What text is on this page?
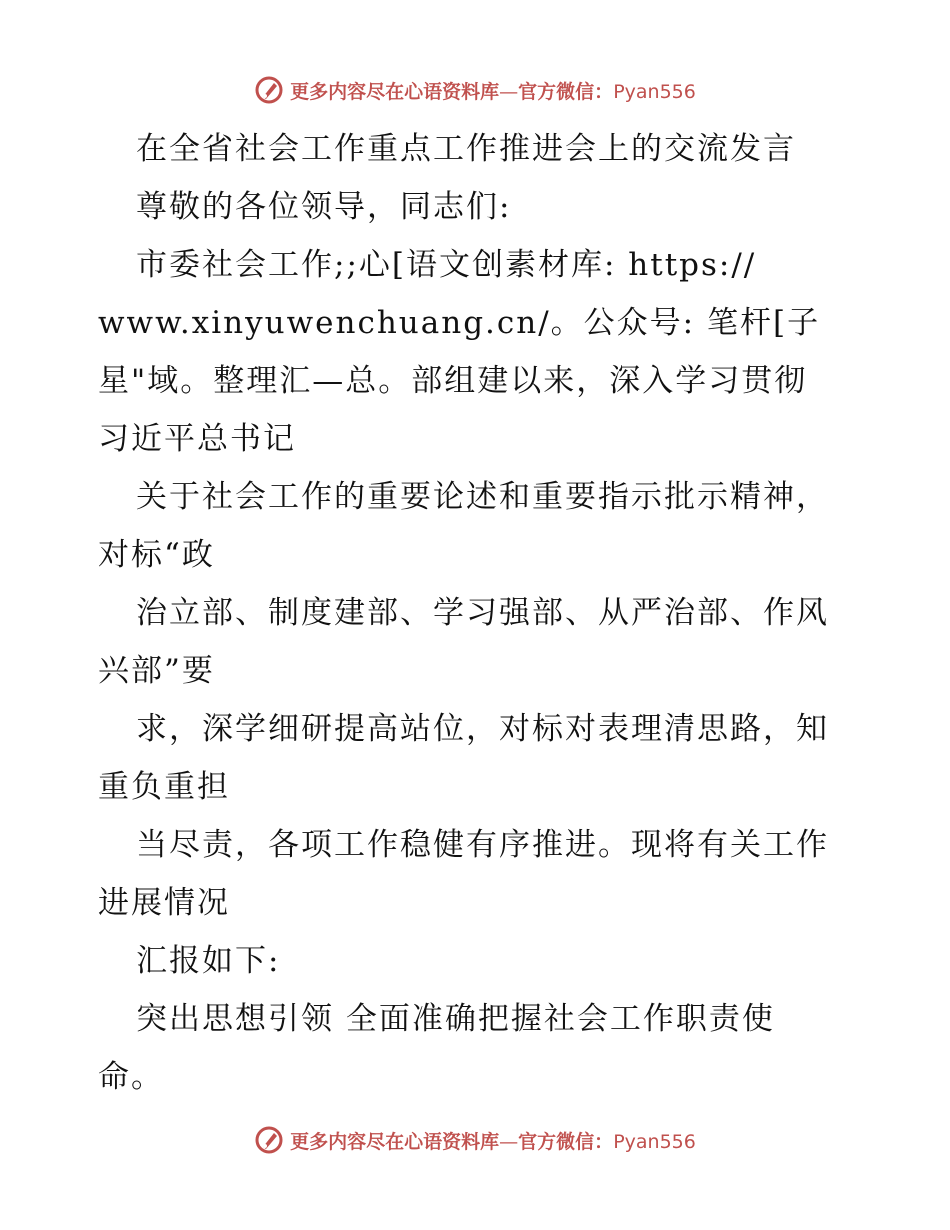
更多内容尽在心语资料库—官方微信：Pyan556
在全省社会工作重点工作推进会上的交流发言
尊敬的各位领导，同志们:
市委社会工作;;心[语文创素材库: https://
www.xinyuwenchuang.cn/。公众号: 笔杆[子
星"域。整理汇—总。部组建以来，深入学习贯彻
习近平总书记
关于社会工作的重要论述和重要指示批示精神，
对标“政
治立部、制度建部、学习强部、从严治部、作风
兴部”要
求，深学细研提高站位，对标对表理清思路，知
重负重担
当尽责，各项工作稳健有序推进。现将有关工作
进展情况
汇报如下:
突出思想引领 全面准确把握社会工作职责使
命。
更多内容尽在心语资料库—官方微信：Pyan556
